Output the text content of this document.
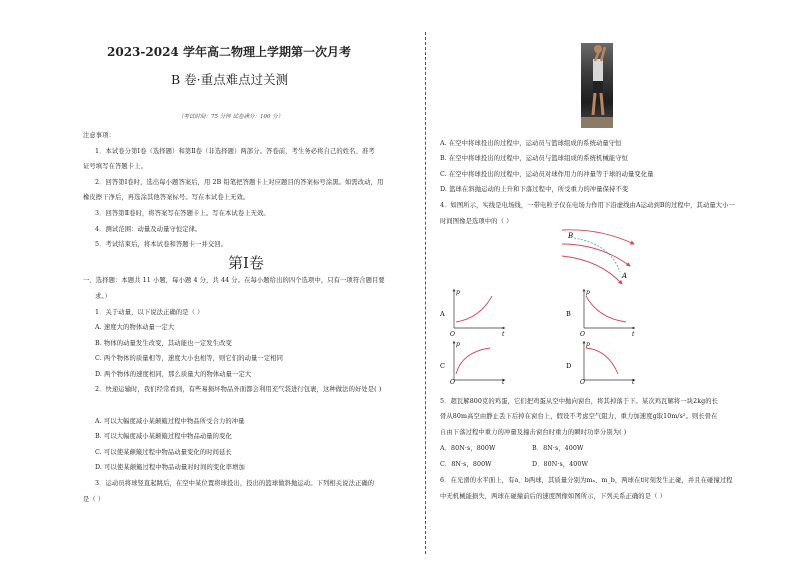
2023-2024 学年高二物理上学期第一次月考
B 卷·重点难点过关测
（考试时间：75 分钟 试卷满分：100 分）
注意事项：
1．本试卷分第Ⅰ卷（选择题）和第Ⅱ卷（非选择题）两部分。答卷前，考生务必将自己的姓名、准考
证号填写在答题卡上。
2．回答第Ⅰ卷时，选出每小题答案后，用 2B 铅笔把答题卡上对应题目的答案标号涂黑。如需改动，用
橡皮擦干净后，再选涂其他答案标号。写在本试卷上无效。
3．回答第Ⅱ卷时，将答案写在答题卡上。写在本试卷上无效。
4．测试范围：动量及动量守恒定律。
5．考试结束后，将本试卷和答题卡一并交回。
第Ⅰ卷
一、选择题：本题共 11 小题，每小题 4 分，共 44 分。在每小题给出的四个选项中，只有一项符合题目要
求。）
1．关于动量，以下说法正确的是（ ）
A. 速度大的物体动量一定大
B. 物体的动量发生改变，其动能也一定发生改变
C. 两个物体的质量相等，速度大小也相等，则它们的动量一定相同
D. 两个物体的速度相同，那么质量大的物体动量一定大
2．快递运输时，我们经常看到，有些易损坏物品外面都会利用充气袋进行包裹，这种做法的好处是( )
A. 可以大幅度减小某颠簸过程中物品所受合力的冲量
B. 可以大幅度减小某颠簸过程中物品动量的变化
C. 可以使某颠簸过程中物品动量变化的时间延长
D. 可以使某颠簸过程中物品动量对时间的变化率增加
3．运动员将球竖直起跳后，在空中某位置将球投出，投出的篮球做斜抛运动。下列相关说法正确的
是（ ）
A. 在空中将球投出的过程中，运动员与篮球组成的系统动量守恒
B. 在空中将球投出的过程中，运动员与篮球组成的系统机械能守恒
C. 在空中将球投出的过程中，运动员对球作用力的冲量等于球的动量变化量
D. 篮球在斜抛运动的上升和下落过程中，所受重力的冲量保持不变
4．如图所示，实线是电场线，一带电粒子仅在电场力作用下沿虚线由A运动到B的过程中，其动量大小一
时间图像是选项中的（ ）
B
A
p
t
O
A
p
t
O
B
p
t
O
C
p
t
O
D
5．超瓦解800克的鸡蛋，它们把鸡蛋从空中抛向窗台，将其掉落于下。某次鸡瓦解将一块2kg的长
骨从80m高空由静止丢下后掉在窗台上，假设不考虑空气阻力，重力加速度g取10m/s²。则长骨在
自由下落过程中重力的冲量及撞击窗台时重力的瞬时功率分别为( )
A．80N·s，800W	B．8N·s，400W
C．8N·s，800W	D．80N·s，400W
6．在光滑的水平面上，有a、b两球，其质量分别为mₐ、m_b，两球在t时刻发生正碰，并且在碰撞过程
中无机械能损失，两球在碰撞前后的速度图像如图所示，下列关系正确的是（ ）
